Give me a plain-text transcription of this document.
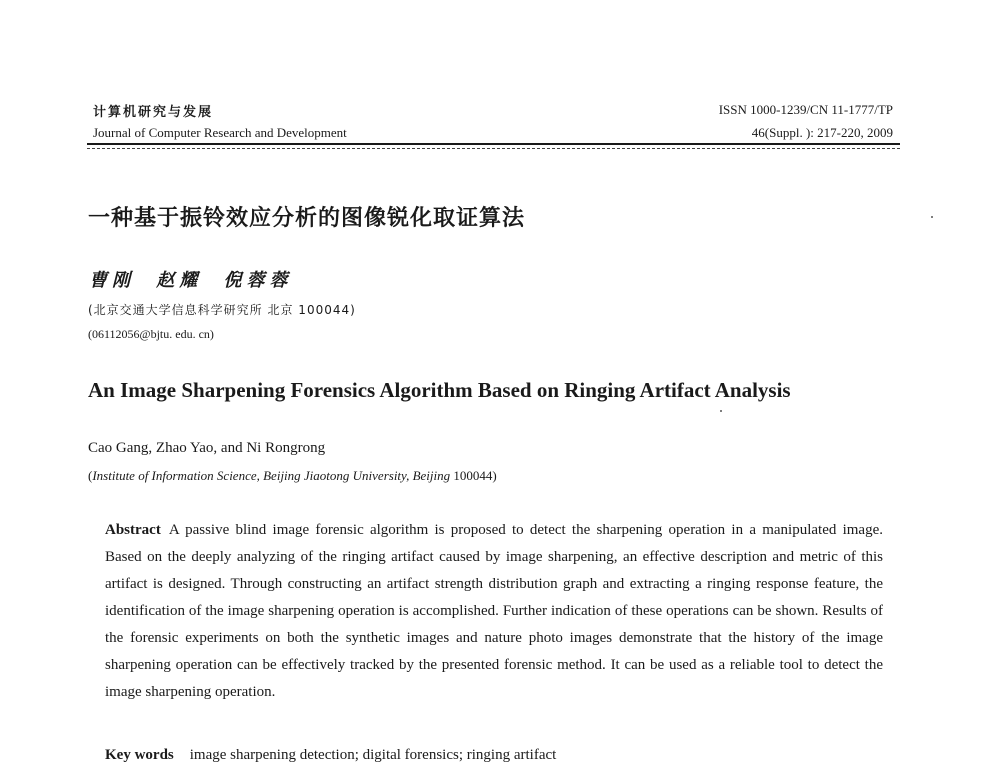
计算机研究与发展
Journal of Computer Research and Development
ISSN 1000-1239/CN 11-1777/TP
46(Suppl. ): 217-220, 2009
一种基于振铃效应分析的图像锐化取证算法
曹刚 赵耀 倪蓉蓉
(北京交通大学信息科学研究所 北京 100044)
(06112056@bjtu. edu. cn)
An Image Sharpening Forensics Algorithm Based on Ringing Artifact Analysis
Cao Gang, Zhao Yao, and Ni Rongrong
(Institute of Information Science, Beijing Jiaotong University, Beijing 100044)
Abstract A passive blind image forensic algorithm is proposed to detect the sharpening operation in a manipulated image. Based on the deeply analyzing of the ringing artifact caused by image sharpening, an effective description and metric of this artifact is designed. Through constructing an artifact strength distribution graph and extracting a ringing response feature, the identification of the image sharpening operation is accomplished. Further indication of these operations can be shown. Results of the forensic experiments on both the synthetic images and nature photo images demonstrate that the history of the image sharpening operation can be effectively tracked by the presented forensic method. It can be used as a reliable tool to detect the image sharpening operation.
Key words image sharpening detection; digital forensics; ringing artifact
